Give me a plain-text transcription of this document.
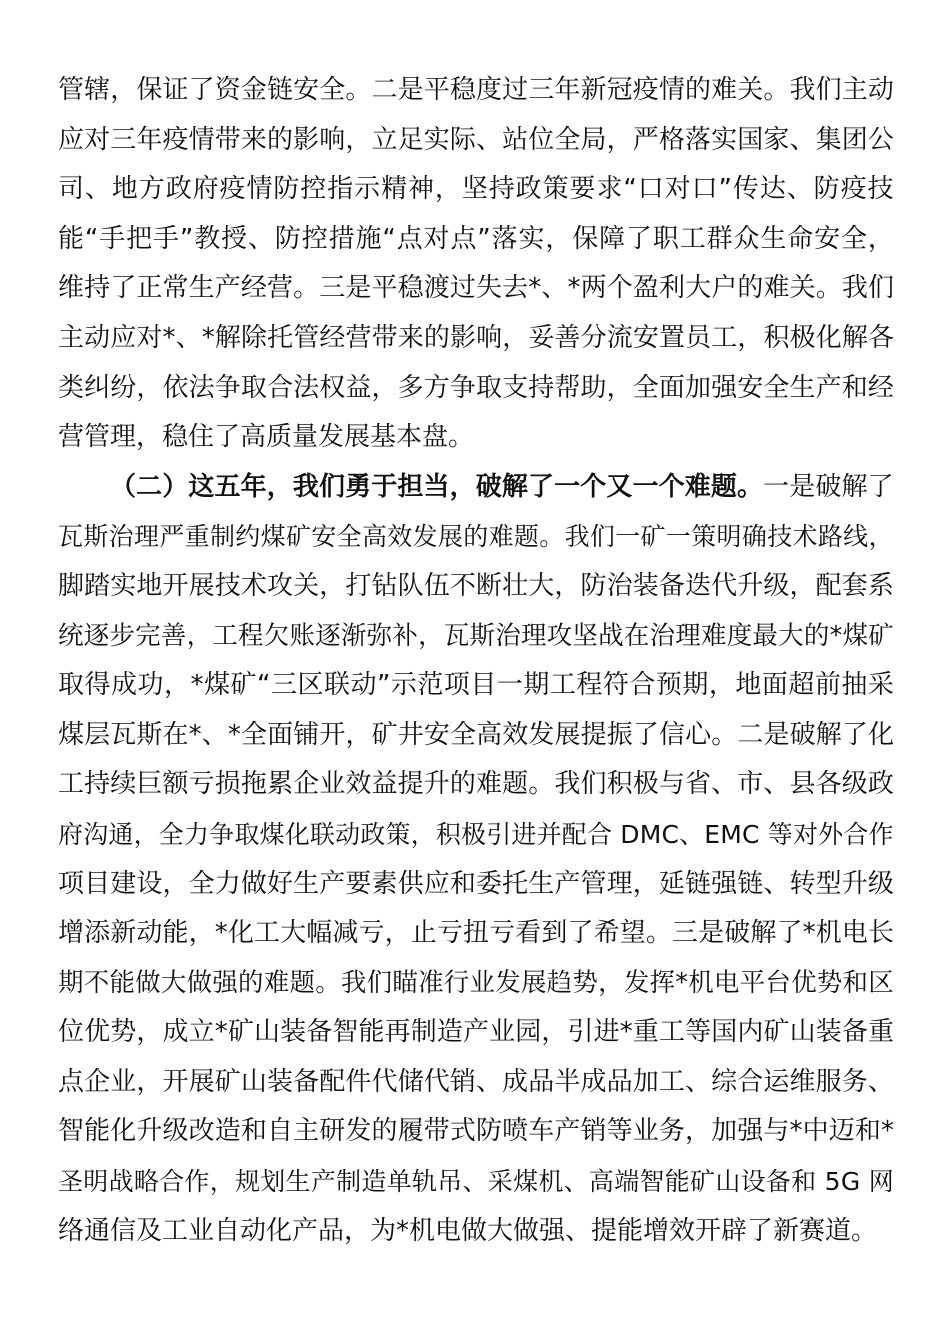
管 辖 ， 保 证 了 资 金 链 安 全 。 二 是 平 稳 度 过 三 年 新 冠 疫 情 的 难 关 。 我 们 主 动
应 对 三 年 疫 情 带 来 的 影 响 ， 立 足 实 际 、 站 位 全 局 ， 严 格 落 实 国 家 、 集 团 公
司 、 地 方 政 府 疫 情 防 控 指 示 精 神 ， 坚 持 政 策 要 求 “ 口 对 口 ” 传 达 、 防 疫 技
能 “ 手 把 手 ” 教 授 、 防 控 措 施 “ 点 对 点 ” 落 实 ， 保 障 了 职 工 群 众 生 命 安 全 ，
维 持 了 正 常 生 产 经 营 。 三 是 平 稳 渡 过 失 去 * 、 * 两 个 盈 利 大 户 的 难 关 。 我 们
主 动 应 对 * 、 * 解 除 托 管 经 营 带 来 的 影 响 ， 妥 善 分 流 安 置 员 工 ， 积 极 化 解 各
类 纠 纷 ， 依 法 争 取 合 法 权 益 ， 多 方 争 取 支 持 帮 助 ， 全 面 加 强 安 全 生 产 和 经
营管理，稳住了高质量发展基本盘。
（ 二 ） 这 五 年 ， 我 们 勇 于 担 当 ， 破 解 了 一 个 又 一 个 难 题 。 一 是 破 解 了
瓦 斯 治 理 严 重 制 约 煤 矿 安 全 高 效 发 展 的 难 题 。 我 们 一 矿 一 策 明 确 技 术 路 线 ，
脚 踏 实 地 开 展 技 术 攻 关 ， 打 钻 队 伍 不 断 壮 大 ， 防 治 装 备 迭 代 升 级 ， 配 套 系
统 逐 步 完 善 ， 工 程 欠 账 逐 渐 弥 补 ， 瓦 斯 治 理 攻 坚 战 在 治 理 难 度 最 大 的 * 煤 矿
取 得 成 功 ， * 煤 矿 “ 三 区 联 动 ” 示 范 项 目 一 期 工 程 符 合 预 期 ， 地 面 超 前 抽 采
煤 层 瓦 斯 在 * 、 * 全 面 铺 开 ， 矿 井 安 全 高 效 发 展 提 振 了 信 心 。 二 是 破 解 了 化
工 持 续 巨 额 亏 损 拖 累 企 业 效 益 提 升 的 难 题 。 我 们 积 极 与 省 、 市 、 县 各 级 政
府 沟 通 ， 全 力 争 取 煤 化 联 动 政 策 ， 积 极 引 进 并 配 合
D M C 、 E M C
等 对 外 合 作
项 目 建 设 ， 全 力 做 好 生 产 要 素 供 应 和 委 托 生 产 管 理 ， 延 链 强 链 、 转 型 升 级
增 添 新 动 能 ， * 化 工 大 幅 减 亏 ， 止 亏 扭 亏 看 到 了 希 望 。 三 是 破 解 了 * 机 电 长
期 不 能 做 大 做 强 的 难 题 。 我 们 瞄 准 行 业 发 展 趋 势 ， 发 挥 * 机 电 平 台 优 势 和 区
位 优 势 ， 成 立 * 矿 山 装 备 智 能 再 制 造 产 业 园 ， 引 进 * 重 工 等 国 内 矿 山 装 备 重
点 企 业 ， 开 展 矿 山 装 备 配 件 代 储 代 销 、 成 品 半 成 品 加 工 、 综 合 运 维 服 务 、
智 能 化 升 级 改 造 和 自 主 研 发 的 履 带 式 防 喷 车 产 销 等 业 务 ， 加 强 与 * 中 迈 和 *
圣 明 战 略 合 作 ， 规 划 生 产 制 造 单 轨 吊 、 采 煤 机 、 高 端 智 能 矿 山 设 备 和
5 G
网
络通信及工业自动化产品，为*机电做大做强、提能增效开辟了新赛道。
